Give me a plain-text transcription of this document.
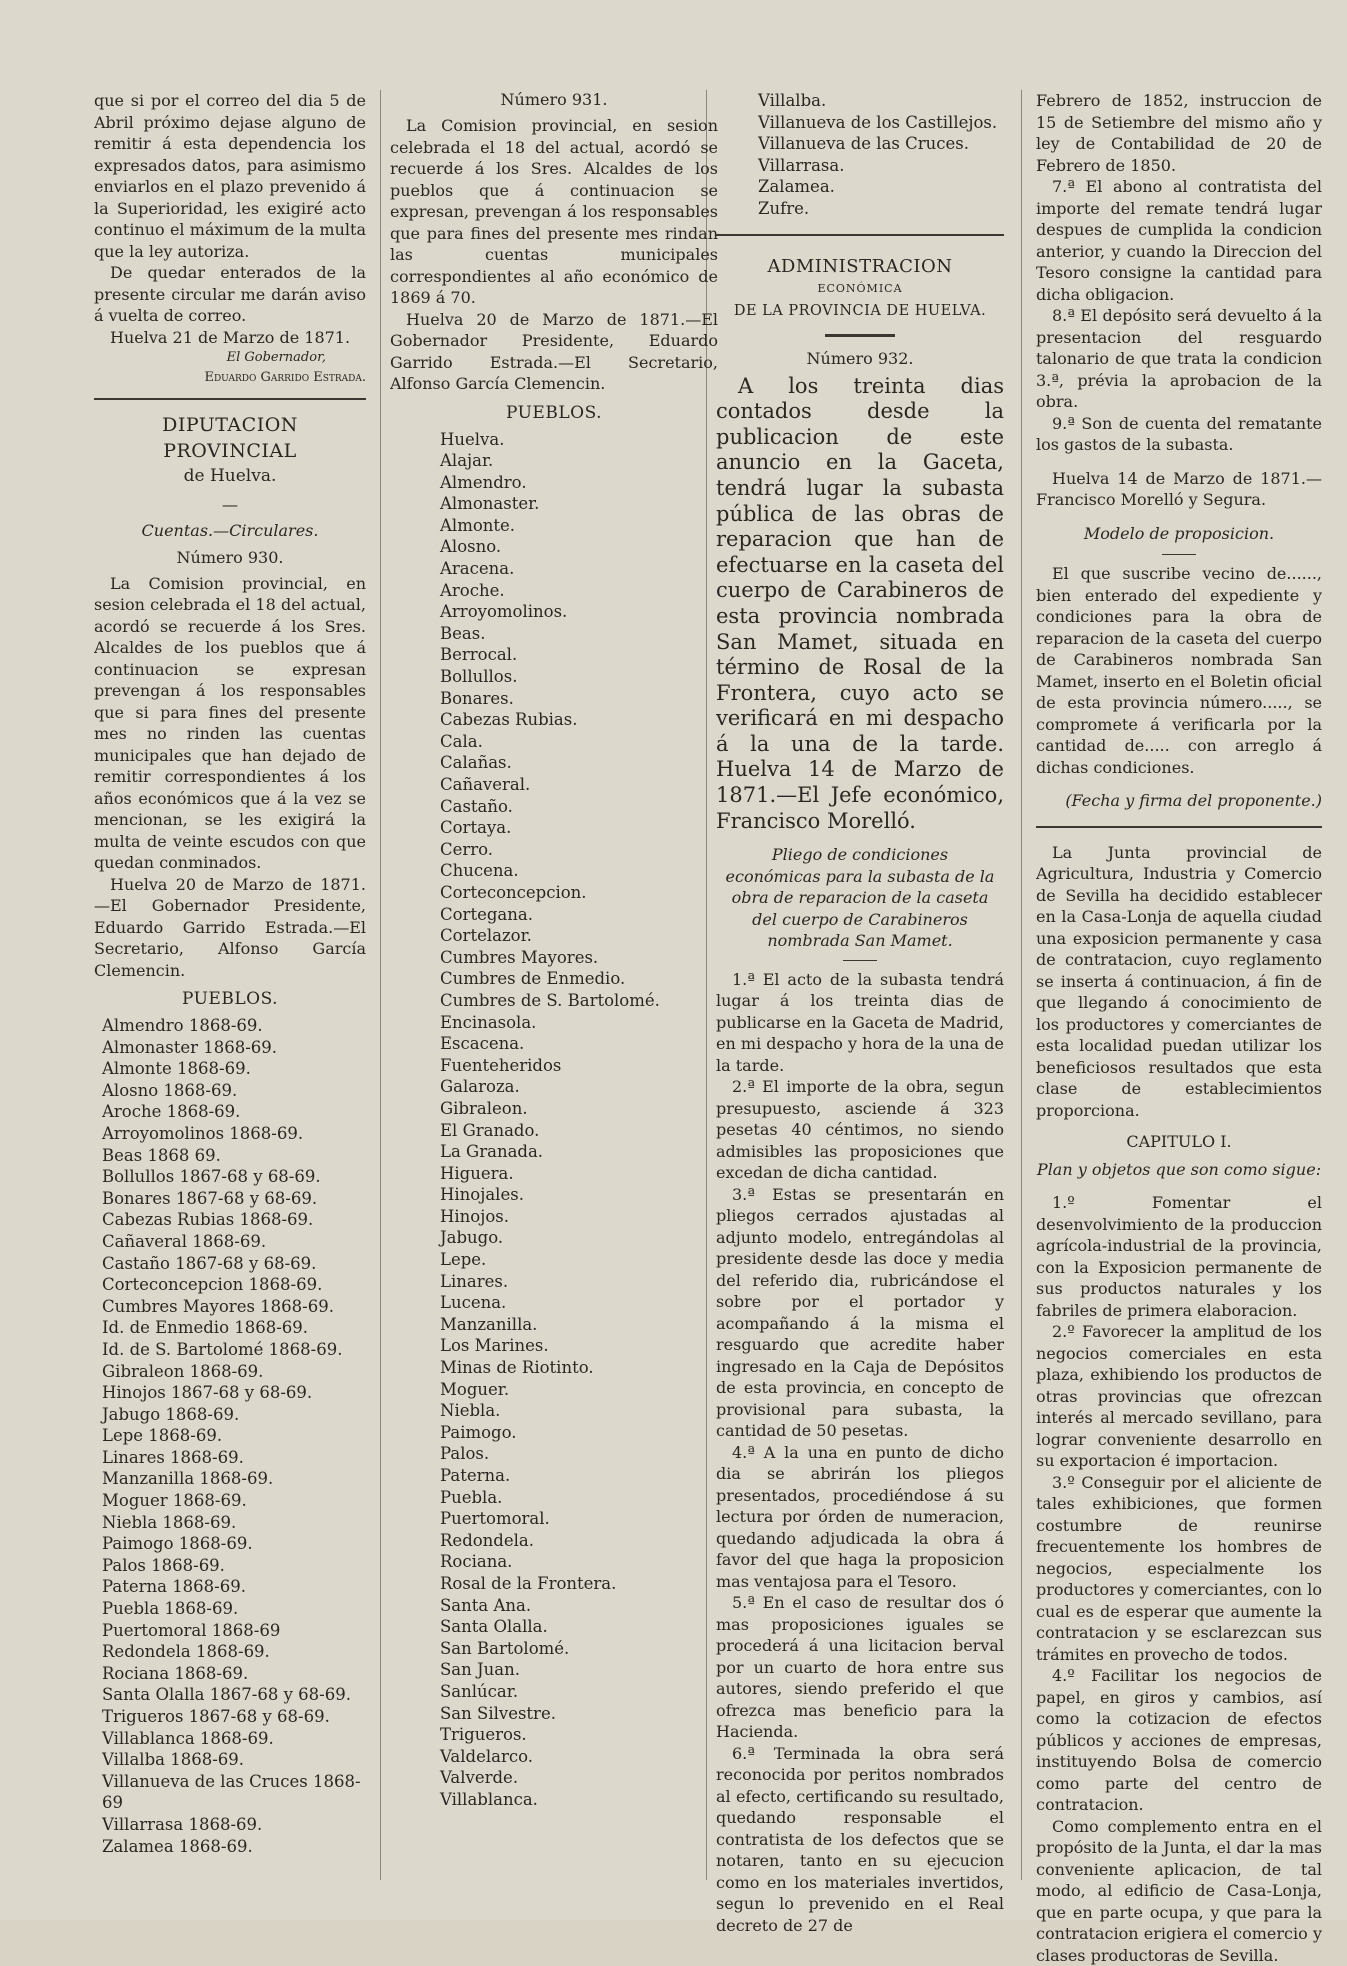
que si por el correo del dia 5 de Abril próximo dejase alguno de remitir á esta dependencia los expresados datos, para asimismo enviarlos en el plazo prevenido á la Superioridad, les exigiré acto continuo el máximum de la multa que la ley autoriza.

De quedar enterados de la presente circular me darán aviso á vuelta de correo.

Huelva 21 de Marzo de 1871.

El Gobernador,

Eduardo Garrido Estrada.

DIPUTACION PROVINCIAL
de Huelva.
—

Cuentas.—Circulares.

Número 930.

La Comision provincial, en sesion celebrada el 18 del actual, acordó se recuerde á los Sres. Alcaldes de los pueblos que á continuacion se expresan prevengan á los responsables que si para fines del presente mes no rinden las cuentas municipales que han dejado de remitir correspondientes á los años económicos que á la vez se mencionan, se les exigirá la multa de veinte escudos con que quedan conminados.

Huelva 20 de Marzo de 1871.—El Gobernador Presidente, Eduardo Garrido Estrada.—El Secretario, Alfonso García Clemencin.

PUEBLOS.
Almendro 1868-69.
Almonaster 1868-69.
Almonte 1868-69.
Alosno 1868-69.
Aroche 1868-69.
Arroyomolinos 1868-69.
Beas 1868 69.
Bollullos 1867-68 y 68-69.
Bonares 1867-68 y 68-69.
Cabezas Rubias 1868-69.
Cañaveral 1868-69.
Castaño 1867-68 y 68-69.
Corteconcepcion 1868-69.
Cumbres Mayores 1868-69.
Id. de Enmedio 1868-69.
Id. de S. Bartolomé 1868-69.
Gibraleon 1868-69.
Hinojos 1867-68 y 68-69.
Jabugo 1868-69.
Lepe 1868-69.
Linares 1868-69.
Manzanilla 1868-69.
Moguer 1868-69.
Niebla 1868-69.
Paimogo 1868-69.
Palos 1868-69.
Paterna 1868-69.
Puebla 1868-69.
Puertomoral 1868-69
Redondela 1868-69.
Rociana 1868-69.
Santa Olalla 1867-68 y 68-69.
Trigueros 1867-68 y 68-69.
Villablanca 1868-69.
Villalba 1868-69.
Villanueva de las Cruces 1868-69
Villarrasa 1868-69.
Zalamea 1868-69.
Número 931.

La Comision provincial, en sesion celebrada el 18 del actual, acordó se recuerde á los Sres. Alcaldes de los pueblos que á continuacion se expresan, prevengan á los responsables que para fines del presente mes rindan las cuentas municipales correspondientes al año económico de 1869 á 70.

Huelva 20 de Marzo de 1871.—El Gobernador Presidente, Eduardo Garrido Estrada.—El Secretario, Alfonso García Clemencin.

PUEBLOS.
Huelva.
Alajar.
Almendro.
Almonaster.
Almonte.
Alosno.
Aracena.
Aroche.
Arroyomolinos.
Beas.
Berrocal.
Bollullos.
Bonares.
Cabezas Rubias.
Cala.
Calañas.
Cañaveral.
Castaño.
Cortaya.
Cerro.
Chucena.
Corteconcepcion.
Cortegana.
Cortelazor.
Cumbres Mayores.
Cumbres de Enmedio.
Cumbres de S. Bartolomé.
Encinasola.
Escacena.
Fuenteheridos
Galaroza.
Gibraleon.
El Granado.
La Granada.
Higuera.
Hinojales.
Hinojos.
Jabugo.
Lepe.
Linares.
Lucena.
Manzanilla.
Los Marines.
Minas de Riotinto.
Moguer.
Niebla.
Paimogo.
Palos.
Paterna.
Puebla.
Puertomoral.
Redondela.
Rociana.
Rosal de la Frontera.
Santa Ana.
Santa Olalla.
San Bartolomé.
San Juan.
Sanlúcar.
San Silvestre.
Trigueros.
Valdelarco.
Valverde.
Villablanca.
Villalba.
Villanueva de los Castillejos.
Villanueva de las Cruces.
Villarrasa.
Zalamea.
Zufre.
ADMINISTRACION
ECONÓMICA
DE LA PROVINCIA DE HUELVA.
Número 932.

A los treinta dias contados desde la publicacion de este anuncio en la Gaceta, tendrá lugar la subasta pública de las obras de reparacion que han de efectuarse en la caseta del cuerpo de Carabineros de esta provincia nombrada San Mamet, situada en término de Rosal de la Frontera, cuyo acto se verificará en mi despacho á la una de la tarde. Huelva 14 de Marzo de 1871.—El Jefe económico, Francisco Morelló.

Pliego de condiciones económicas para la subasta de la obra de reparacion de la caseta del cuerpo de Carabineros nombrada San Mamet.

1.ª El acto de la subasta tendrá lugar á los treinta dias de publicarse en la Gaceta de Madrid, en mi despacho y hora de la una de la tarde.

2.ª El importe de la obra, segun presupuesto, asciende á 323 pesetas 40 céntimos, no siendo admisibles las proposiciones que excedan de dicha cantidad.

3.ª Estas se presentarán en pliegos cerrados ajustadas al adjunto modelo, entregándolas al presidente desde las doce y media del referido dia, rubricándose el sobre por el portador y acompañando á la misma el resguardo que acredite haber ingresado en la Caja de Depósitos de esta provincia, en concepto de provisional para subasta, la cantidad de 50 pesetas.

4.ª A la una en punto de dicho dia se abrirán los pliegos presentados, procediéndose á su lectura por órden de numeracion, quedando adjudicada la obra á favor del que haga la proposicion mas ventajosa para el Tesoro.

5.ª En el caso de resultar dos ó mas proposiciones iguales se procederá á una licitacion berval por un cuarto de hora entre sus autores, siendo preferido el que ofrezca mas beneficio para la Hacienda.

6.ª Terminada la obra será reconocida por peritos nombrados al efecto, certificando su resultado, quedando responsable el contratista de los defectos que se notaren, tanto en su ejecucion como en los materiales invertidos, segun lo prevenido en el Real decreto de 27 de

Febrero de 1852, instruccion de 15 de Setiembre del mismo año y ley de Contabilidad de 20 de Febrero de 1850.

7.ª El abono al contratista del importe del remate tendrá lugar despues de cumplida la condicion anterior, y cuando la Direccion del Tesoro consigne la cantidad para dicha obligacion.

8.ª El depósito será devuelto á la presentacion del resguardo talonario de que trata la condicion 3.ª, prévia la aprobacion de la obra.

9.ª Son de cuenta del rematante los gastos de la subasta.

Huelva 14 de Marzo de 1871.—Francisco Morelló y Segura.

Modelo de proposicion.

El que suscribe vecino de......, bien enterado del expediente y condiciones para la obra de reparacion de la caseta del cuerpo de Carabineros nombrada San Mamet, inserto en el Boletin oficial de esta provincia número....., se compromete á verificarla por la cantidad de..... con arreglo á dichas condiciones.

(Fecha y firma del proponente.)

La Junta provincial de Agricultura, Industria y Comercio de Sevilla ha decidido establecer en la Casa-Lonja de aquella ciudad una exposicion permanente y casa de contratacion, cuyo reglamento se inserta á continuacion, á fin de que llegando á conocimiento de los productores y comerciantes de esta localidad puedan utilizar los beneficiosos resultados que esta clase de establecimientos proporciona.

CAPITULO I.

Plan y objetos que son como sigue:

1.º Fomentar el desenvolvimiento de la produccion agrícola-industrial de la provincia, con la Exposicion permanente de sus productos naturales y los fabriles de primera elaboracion.

2.º Favorecer la amplitud de los negocios comerciales en esta plaza, exhibiendo los productos de otras provincias que ofrezcan interés al mercado sevillano, para lograr conveniente desarrollo en su exportacion é importacion.

3.º Conseguir por el aliciente de tales exhibiciones, que formen costumbre de reunirse frecuentemente los hombres de negocios, especialmente los productores y comerciantes, con lo cual es de esperar que aumente la contratacion y se esclarezcan sus trámites en provecho de todos.

4.º Facilitar los negocios de papel, en giros y cambios, así como la cotizacion de efectos públicos y acciones de empresas, instituyendo Bolsa de comercio como parte del centro de contratacion.

Como complemento entra en el propósito de la Junta, el dar la mas conveniente aplicacion, de tal modo, al edificio de Casa-Lonja, que en parte ocupa, y que para la contratacion erigiera el comercio y clases productoras de Sevilla.
